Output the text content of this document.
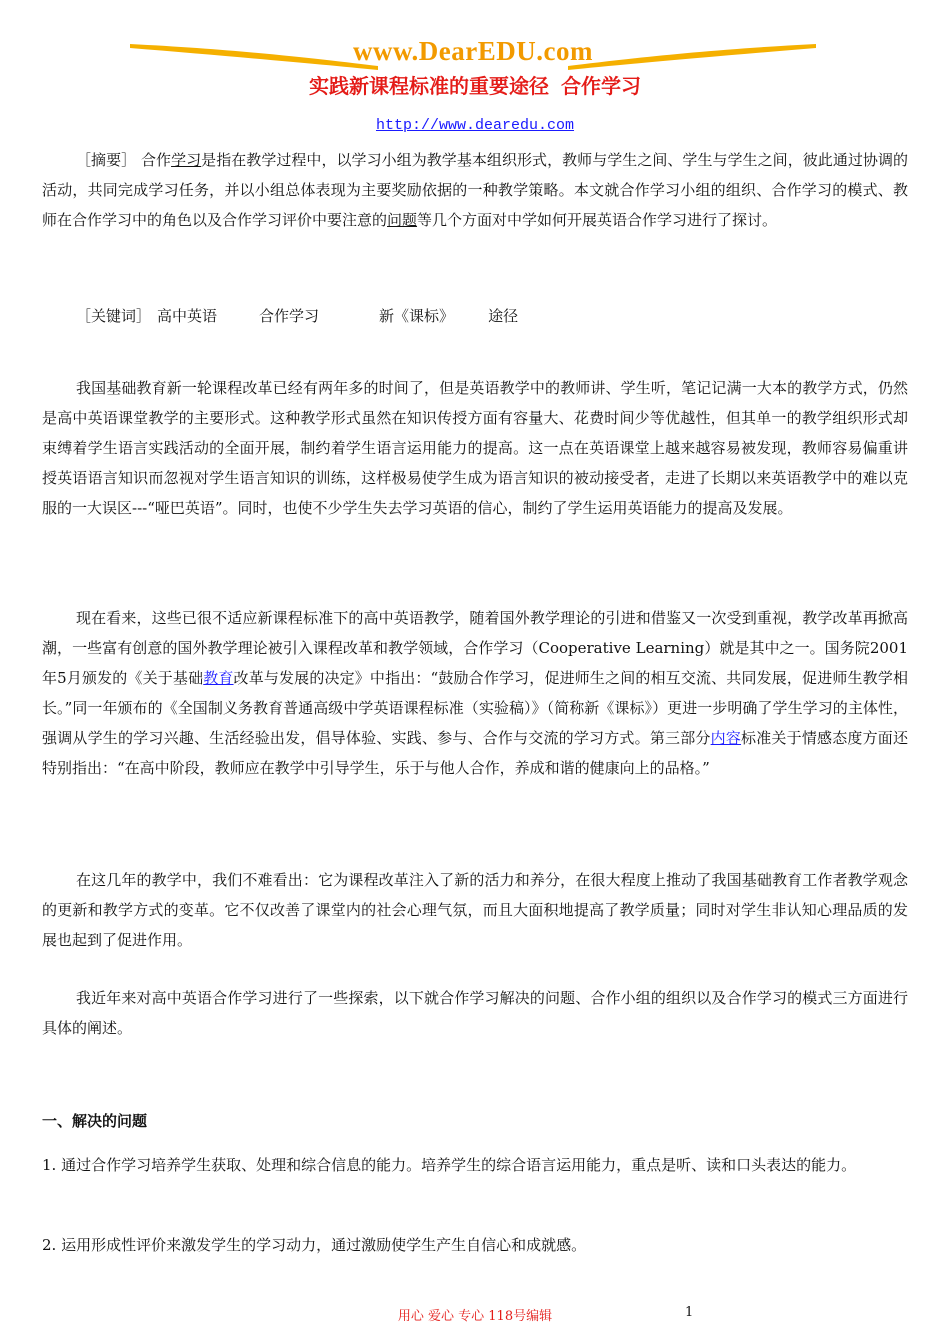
www.DearEDU.com
实践新课程标准的重要途径 合作学习
http://www.dearedu.com
［摘要］ 合作学习是指在教学过程中，以学习小组为教学基本组织形式，教师与学生之间、学生与学生之间，彼此通过协调的活动，共同完成学习任务，并以小组总体表现为主要奖励依据的一种教学策略。本文就合作学习小组的组织、合作学习的模式、教师在合作学习中的角色以及合作学习评价中要注意的问题等几个方面对中学如何开展英语合作学习进行了探讨。
［关键词］ 高中英语	合作学习	新《课标》 途径
我国基础教育新一轮课程改革已经有两年多的时间了，但是英语教学中的教师讲、学生听，笔记记满一大本的教学方式，仍然是高中英语课堂教学的主要形式。这种教学形式虽然在知识传授方面有容量大、花费时间少等优越性，但其单一的教学组织形式却束缚着学生语言实践活动的全面开展，制约着学生语言运用能力的提高。这一点在英语课堂上越来越容易被发现，教师容易偏重讲授英语语言知识而忽视对学生语言知识的训练，这样极易使学生成为语言知识的被动接受者，走进了长期以来英语教学中的难以克服的一大误区---“哑巴英语”。同时，也使不少学生失去学习英语的信心，制约了学生运用英语能力的提高及发展。
现在看来，这些已很不适应新课程标准下的高中英语教学，随着国外教学理论的引进和借鉴又一次受到重视，教学改革再掀高潮，一些富有创意的国外教学理论被引入课程改革和教学领域，合作学习（Cooperative Learning）就是其中之一。国务院2001年5月颁发的《关于基础教育改革与发展的决定》中指出：“鼓励合作学习，促进师生之间的相互交流、共同发展，促进师生教学相长。”同一年颁布的《全国制义务教育普通高级中学英语课程标准（实验稿）》（简称新《课标》）更进一步明确了学生学习的主体性，强调从学生的学习兴趣、生活经验出发，倡导体验、实践、参与、合作与交流的学习方式。第三部分内容标准关于情感态度方面还特别指出：“在高中阶段，教师应在教学中引导学生，乐于与他人合作，养成和谐的健康向上的品格。”
在这几年的教学中，我们不难看出：它为课程改革注入了新的活力和养分，在很大程度上推动了我国基础教育工作者教学观念的更新和教学方式的变革。它不仅改善了课堂内的社会心理气氛，而且大面积地提高了教学质量；同时对学生非认知心理品质的发展也起到了促进作用。
我近年来对高中英语合作学习进行了一些探索，以下就合作学习解决的问题、合作小组的组织以及合作学习的模式三方面进行具体的阐述。
一、解决的问题
1. 通过合作学习培养学生获取、处理和综合信息的能力。培养学生的综合语言运用能力，重点是听、读和口头表达的能力。
2. 运用形成性评价来激发学生的学习动力，通过激励使学生产生自信心和成就感。
用心 爱心 专心 118号编辑	1
